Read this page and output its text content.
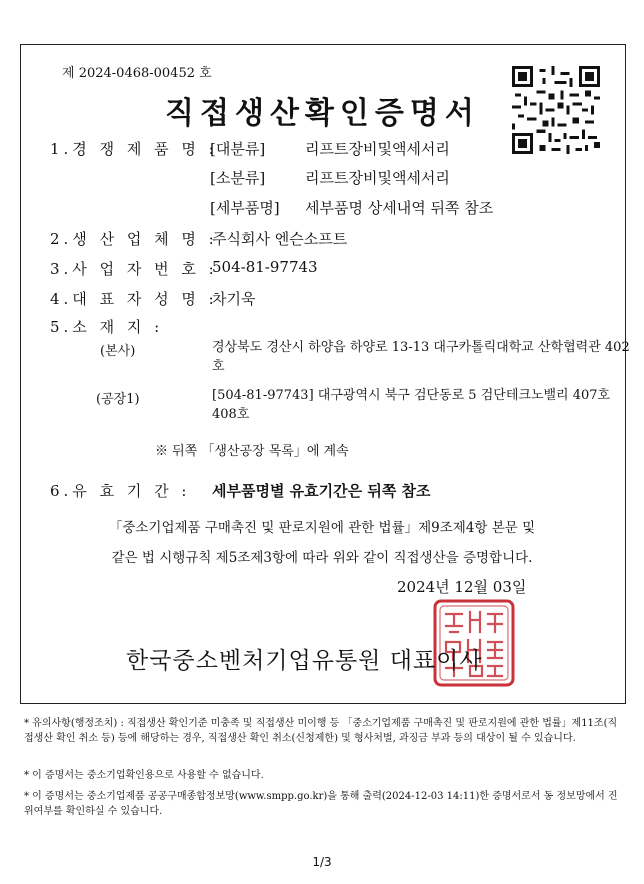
제 2024-0468-00452 호
직접생산확인증명서
1.경 쟁 제 품 명 :
[대분류]	리프트장비및액세서리
[소분류]	리프트장비및액세서리
[세부품명] 세부품명 상세내역 뒤쪽 참조
2.생 산 업 체 명 :
주식회사 엔슨소프트
3.사 업 자 번 호 :
504-81-97743
4.대 표 자 성 명 :
차기욱
5.소 재 지 :
(본사)	경상북도 경산시 하양읍 하양로 13-13 대구카톨릭대학교 산학협력관 402호
(공장1)	[504-81-97743] 대구광역시 북구 검단동로 5 검단테크노밸리 407호 408호
※ 뒤쪽 「생산공장 목록」에 계속
6.유 효 기 간 : 세부품명별 유효기간은 뒤쪽 참조
「중소기업제품 구매촉진 및 판로지원에 관한 법률」제9조제4항 본문 및
같은 법 시행규칙 제5조제3항에 따라 위와 같이 직접생산을 증명합니다.
2024년 12월 03일
한국중소벤처기업유통원 대표이사
* 유의사항(행정조치) : 직접생산 확인기준 미충족 및 직접생산 미이행 등 「중소기업제품 구매촉진 및 판로지원에 관한 법률」제11조(직접생산 확인 취소 등) 등에 해당하는 경우, 직접생산 확인 취소(신청제한) 및 형사처벌, 과징금 부과 등의 대상이 될 수 있습니다.
* 이 증명서는 중소기업확인용으로 사용할 수 없습니다.
* 이 증명서는 중소기업제품 공공구매종합정보망(www.smpp.go.kr)을 통해 출력(2024-12-03 14:11)한 증명서로서 동 정보망에서 진위여부를 확인하실 수 있습니다.
1/3
